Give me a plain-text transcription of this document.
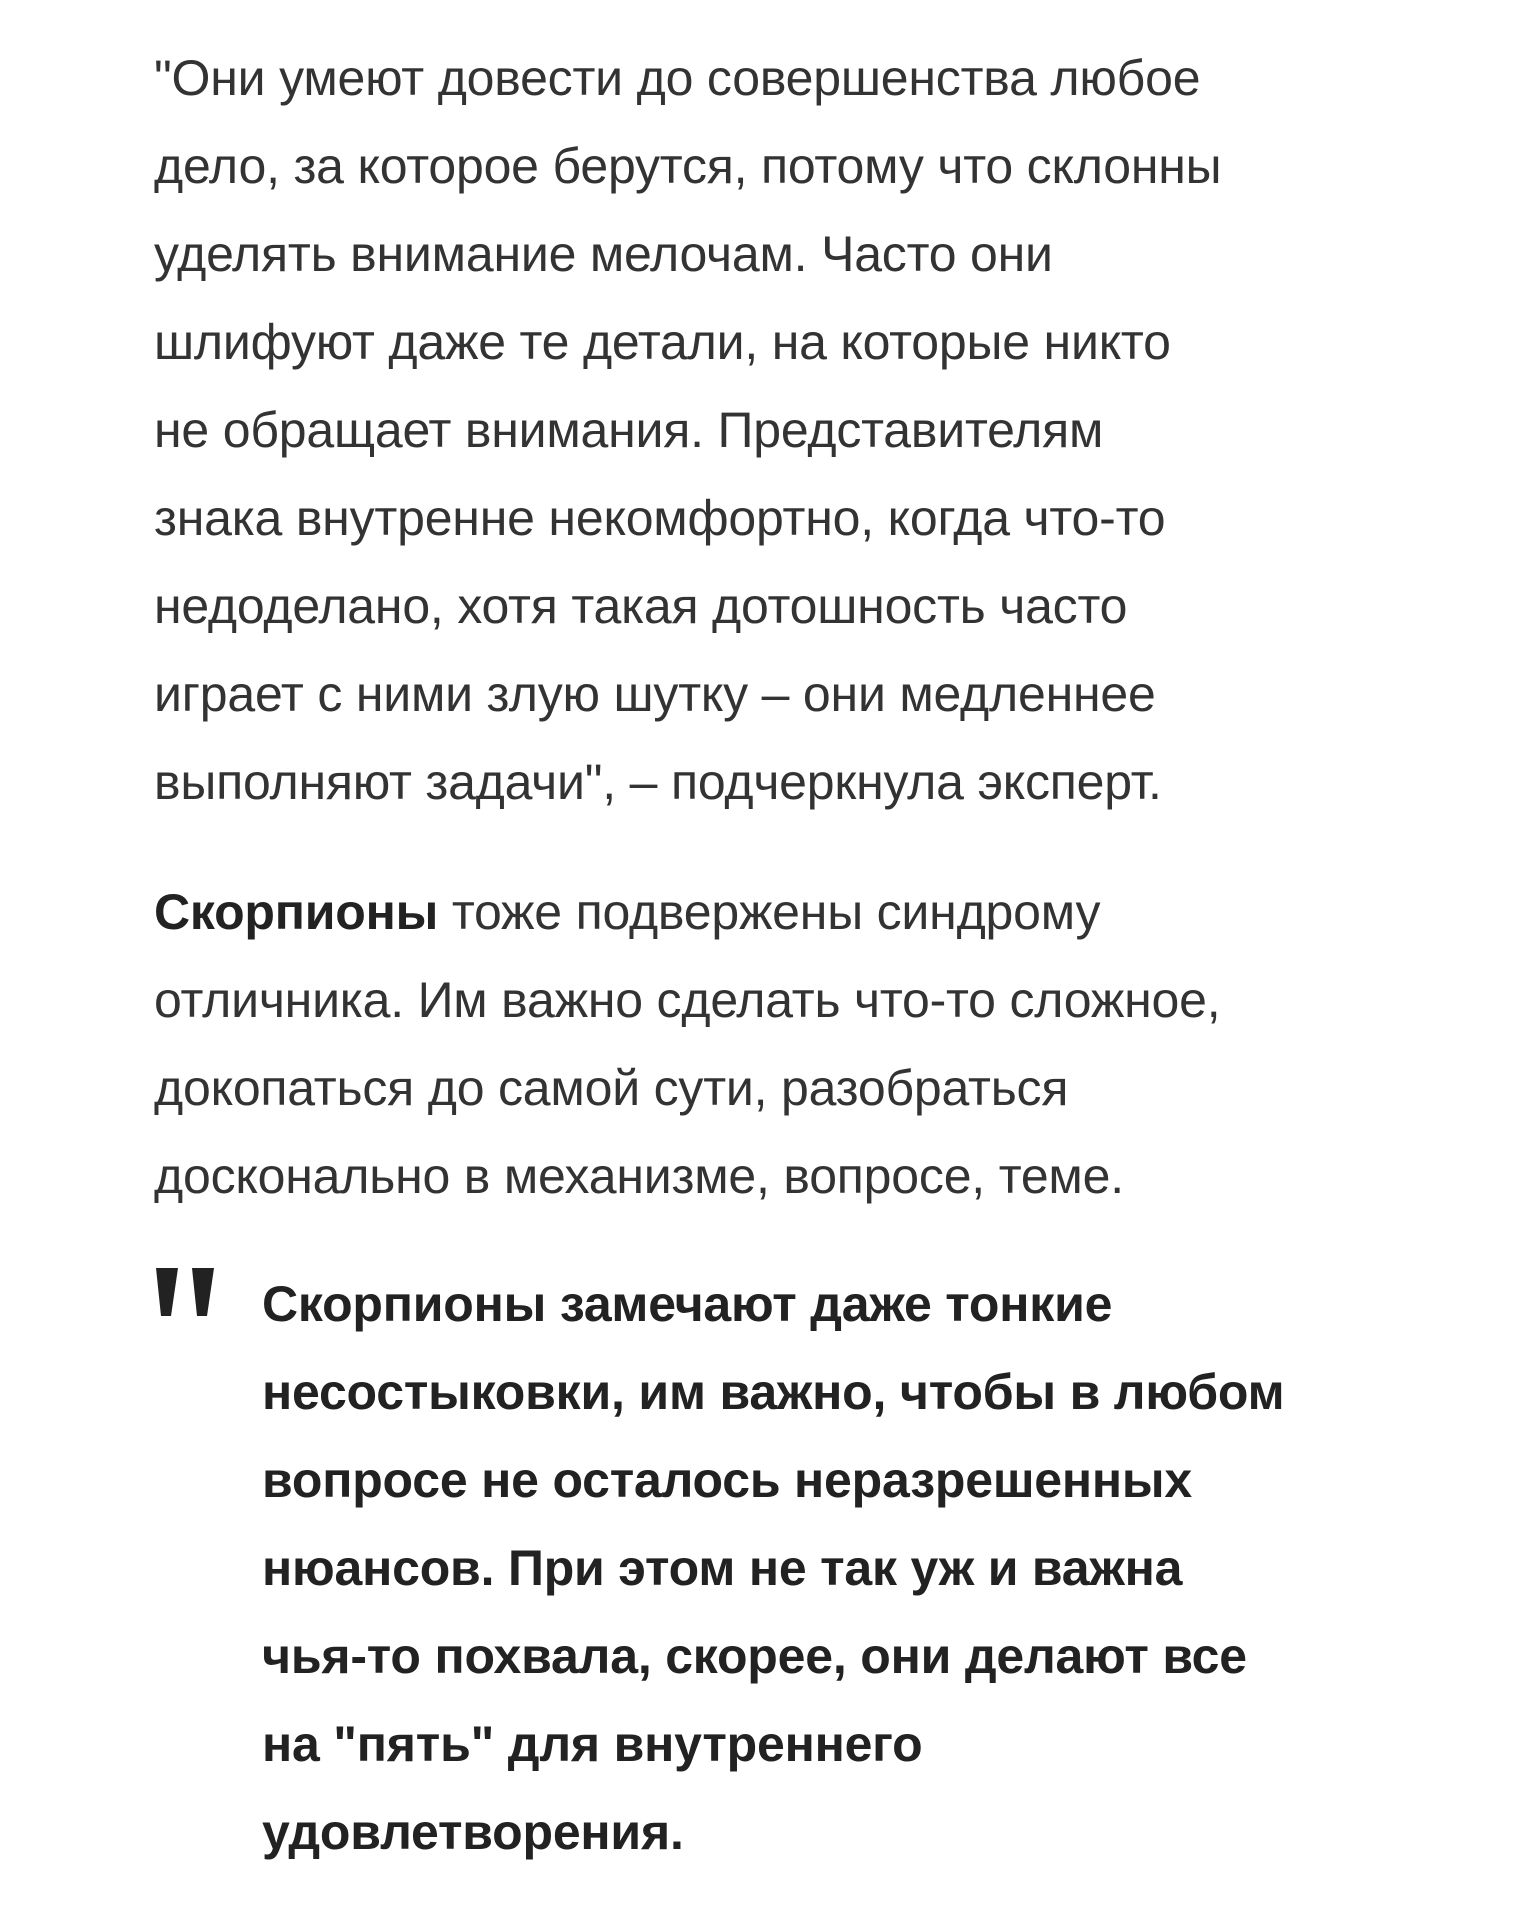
"Они умеют довести до совершенства любое
дело, за которое берутся, потому что склонны
уделять внимание мелочам. Часто они
шлифуют даже те детали, на которые никто
не обращает внимания. Представителям
знака внутренне некомфортно, когда что-то
недоделано, хотя такая дотошность часто
играет с ними злую шутку – они медленнее
выполняют задачи", – подчеркнула эксперт.

Скорпионы тоже подвержены синдрому
отличника. Им важно сделать что-то сложное,
докопаться до самой сути, разобраться
досконально в механизме, вопросе, теме.

Скорпионы замечают даже тонкие
несостыковки, им важно, чтобы в любом
вопросе не осталось неразрешенных
нюансов. При этом не так уж и важна
чья-то похвала, скорее, они делают все
на "пять" для внутреннего
удовлетворения.
